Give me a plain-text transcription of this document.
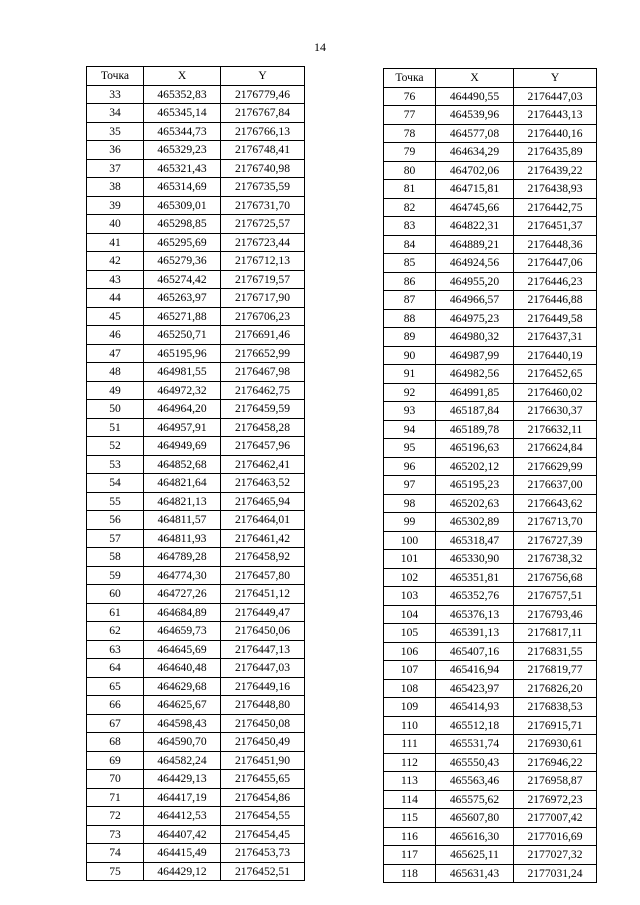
14
Точка	X	Y
33	465352,83	2176779,46
34	465345,14	2176767,84
35	465344,73	2176766,13
36	465329,23	2176748,41
37	465321,43	2176740,98
38	465314,69	2176735,59
39	465309,01	2176731,70
40	465298,85	2176725,57
41	465295,69	2176723,44
42	465279,36	2176712,13
43	465274,42	2176719,57
44	465263,97	2176717,90
45	465271,88	2176706,23
46	465250,71	2176691,46
47	465195,96	2176652,99
48	464981,55	2176467,98
49	464972,32	2176462,75
50	464964,20	2176459,59
51	464957,91	2176458,28
52	464949,69	2176457,96
53	464852,68	2176462,41
54	464821,64	2176463,52
55	464821,13	2176465,94
56	464811,57	2176464,01
57	464811,93	2176461,42
58	464789,28	2176458,92
59	464774,30	2176457,80
60	464727,26	2176451,12
61	464684,89	2176449,47
62	464659,73	2176450,06
63	464645,69	2176447,13
64	464640,48	2176447,03
65	464629,68	2176449,16
66	464625,67	2176448,80
67	464598,43	2176450,08
68	464590,70	2176450,49
69	464582,24	2176451,90
70	464429,13	2176455,65
71	464417,19	2176454,86
72	464412,53	2176454,55
73	464407,42	2176454,45
74	464415,49	2176453,73
75	464429,12	2176452,51
Точка	X	Y
76	464490,55	2176447,03
77	464539,96	2176443,13
78	464577,08	2176440,16
79	464634,29	2176435,89
80	464702,06	2176439,22
81	464715,81	2176438,93
82	464745,66	2176442,75
83	464822,31	2176451,37
84	464889,21	2176448,36
85	464924,56	2176447,06
86	464955,20	2176446,23
87	464966,57	2176446,88
88	464975,23	2176449,58
89	464980,32	2176437,31
90	464987,99	2176440,19
91	464982,56	2176452,65
92	464991,85	2176460,02
93	465187,84	2176630,37
94	465189,78	2176632,11
95	465196,63	2176624,84
96	465202,12	2176629,99
97	465195,23	2176637,00
98	465202,63	2176643,62
99	465302,89	2176713,70
100	465318,47	2176727,39
101	465330,90	2176738,32
102	465351,81	2176756,68
103	465352,76	2176757,51
104	465376,13	2176793,46
105	465391,13	2176817,11
106	465407,16	2176831,55
107	465416,94	2176819,77
108	465423,97	2176826,20
109	465414,93	2176838,53
110	465512,18	2176915,71
111	465531,74	2176930,61
112	465550,43	2176946,22
113	465563,46	2176958,87
114	465575,62	2176972,23
115	465607,80	2177007,42
116	465616,30	2177016,69
117	465625,11	2177027,32
118	465631,43	2177031,24
